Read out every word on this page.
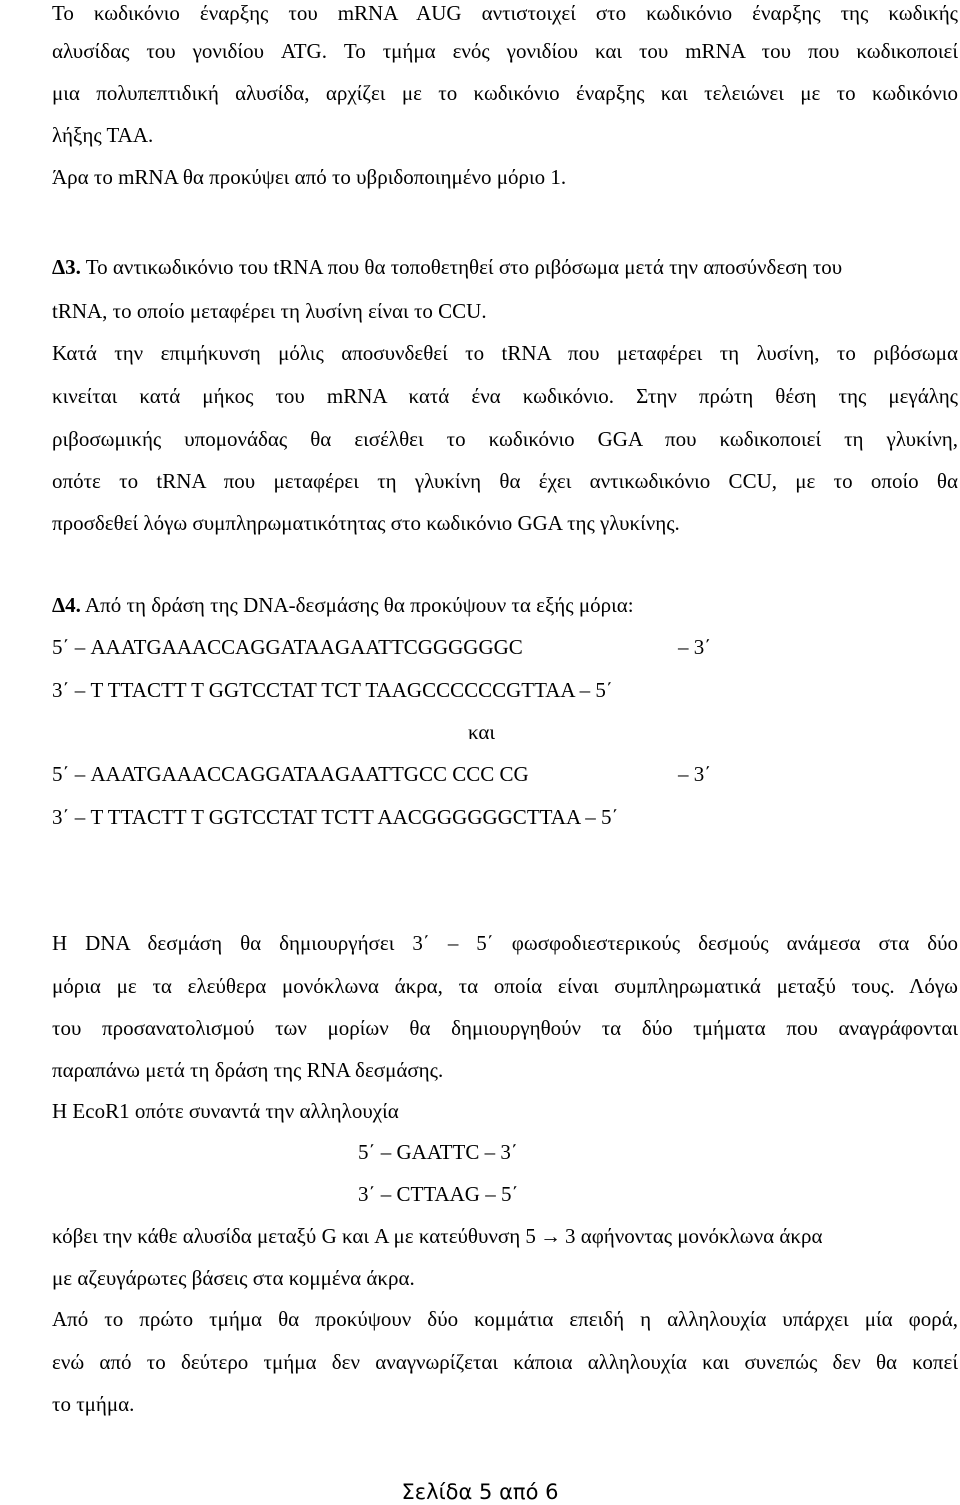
Το κωδικόνιο έναρξης του mRNA AUG αντιστοιχεί στο κωδικόνιο έναρξης της κωδικής
αλυσίδας του γονιδίου ATG. Το τμήμα ενός γονιδίου και του mRNA του που κωδικοποιεί
μια πολυπεπτιδική αλυσίδα, αρχίζει με το κωδικόνιο έναρξης και τελειώνει με το κωδικόνιο
λήξης ΤΑΑ.
Άρα το mRNA θα προκύψει από το υβριδοποιημένο μόριο 1.
Δ3. Το αντικωδικόνιο του tRNA που θα τοποθετηθεί στο ριβόσωμα μετά την αποσύνδεση του
tRNA, το οποίο μεταφέρει τη λυσίνη είναι το CCU.
Κατά την επιμήκυνση μόλις αποσυνδεθεί το tRNA που μεταφέρει τη λυσίνη, το ριβόσωμα
κινείται κατά μήκος του mRNA κατά ένα κωδικόνιο. Στην πρώτη θέση της μεγάλης
ριβοσωμικής υπομονάδας θα εισέλθει το κωδικόνιο GGA που κωδικοποιεί τη γλυκίνη,
οπότε το tRNA που μεταφέρει τη γλυκίνη θα έχει αντικωδικόνιο CCU, με το οποίο θα
προσδεθεί λόγω συμπληρωματικότητας στο κωδικόνιο GGA της γλυκίνης.
Δ4. Από τη δράση της DNA-δεσμάσης θα προκύψουν τα εξής μόρια:
5΄ – AAATGAAACCAGGATAAGAATTCGGGGGGC	– 3΄
3΄ – T TTACTT T GGTCCTAT TCT TAAGCCCCCCGTTAA – 5΄
και
5΄ – AAATGAAACCAGGATAAGAATTGCC CCC CG	– 3΄
3΄ – T TTACTT T GGTCCTAT TCTT AACGGGGGGCTTAA – 5΄
Η DNA δεσμάση θα δημιουργήσει 3΄ – 5΄ φωσφοδιεστερικούς δεσμούς ανάμεσα στα δύο
μόρια με τα ελεύθερα μονόκλωνα άκρα, τα οποία είναι συμπληρωματικά μεταξύ τους. Λόγω
του προσανατολισμού των μορίων θα δημιουργηθούν τα δύο τμήματα που αναγράφονται
παραπάνω μετά τη δράση της RNA δεσμάσης.
Η EcoR1 οπότε συναντά την αλληλουχία
5΄ – GAATTC – 3΄
3΄ – CTTAAG – 5΄
κόβει την κάθε αλυσίδα μεταξύ G και A με κατεύθυνση 5 → 3 αφήνοντας μονόκλωνα άκρα
με αζευγάρωτες βάσεις στα κομμένα άκρα.
Από το πρώτο τμήμα θα προκύψουν δύο κομμάτια επειδή η αλληλουχία υπάρχει μία φορά,
ενώ από το δεύτερο τμήμα δεν αναγνωρίζεται κάποια αλληλουχία και συνεπώς δεν θα κοπεί
το τμήμα.
Σελίδα 5 από 6
